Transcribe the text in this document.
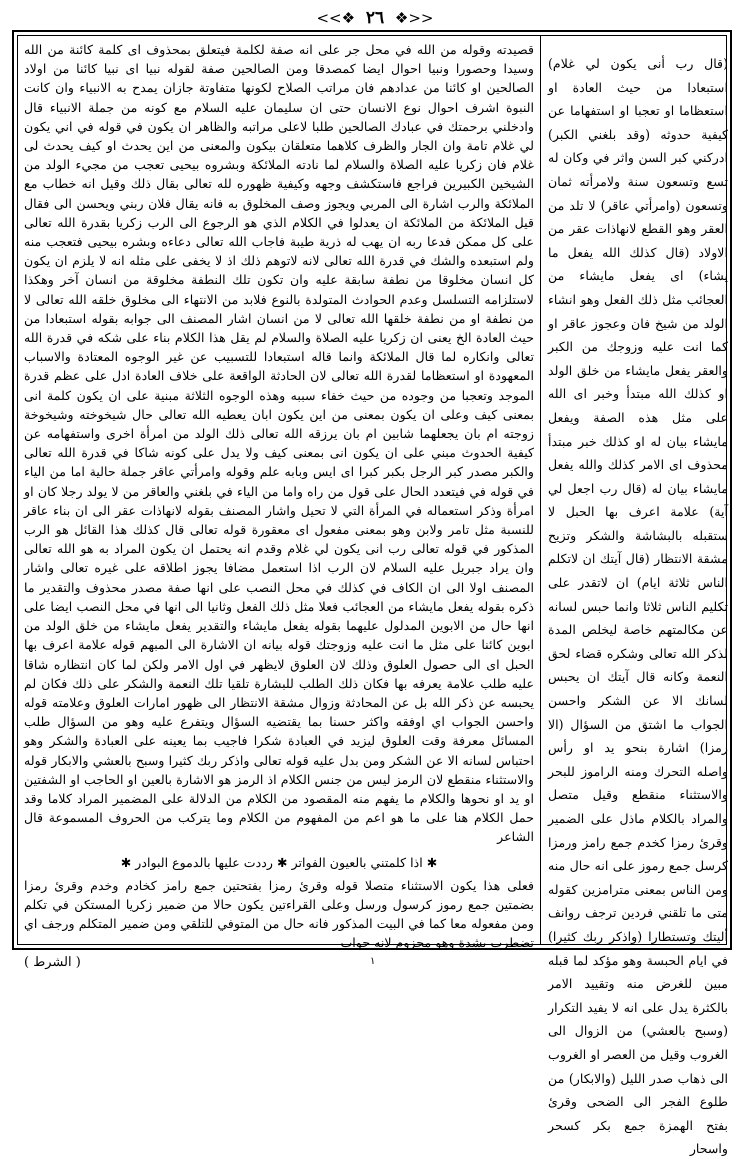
<<❖ ٢٦ ❖>>
قصيدته وقوله من الله في محل جر على انه صفة لكلمة فيتعلق بمحذوف اى كلمة كائنة من الله وسيدا وحصورا ونبيا احوال ايضا كمصدقا ومن الصالحين صفة لقوله نبيا اى نبيا كائنا من اولاد الصالحين او كائنا من عدادهم فان مراتب الصلاح لكونها متفاوتة جازان يمدح به الانبياء وان كانت النبوة اشرف احوال نوع الانسان حتى ان سليمان عليه السلام مع كونه من جملة الانبياء قال وادخلني برحمتك في عبادك الصالحين طلبا لاعلى مراتبه والظاهر ان يكون في قوله في اني يكون لي غلام تامة وان الجار والظرف كلاهما متعلقان بيكون والمعنى من اين يحدث او كيف يحدث لى غلام فان زكريا عليه الصلاة والسلام لما نادته الملائكة وبشروه بيحيى تعجب من مجيء الولد من الشيخين الكبيرين فراجع فاستكشف وجهه وكيفية ظهوره لله تعالى بقال ذلك وقيل انه خطاب مع الملائكة والرب اشارة الى المربي ويجوز وصف المخلوق به فانه يقال فلان ربني ويحسن الى فقال قيل الملائكة من الملائكة ان يعدلوا في الكلام الذي هو الرجوع الى الرب زكريا بقدرة الله تعالى على كل ممكن فدعا ربه ان يهب له ذرية طيبة فاجاب الله تعالى دعاءه وبشره بيحيى فتعجب منه ولم استبعده والشك في قدرة الله تعالى لانه لاتوهم ذلك اذ لا يخفى على مثله انه لا يلزم ان يكون كل انسان مخلوقا من نطفة سابقة عليه وان تكون تلك النطفة مخلوقة من انسان آخر وهكذا لاستلزامه التسلسل وعدم الحوادث المتولدة بالنوع فلابد من الانتهاء الى مخلوق خلقه الله تعالى لا من نطفة او من نطفة خلقها الله تعالى لا من انسان اشار المصنف الى جوابه بقوله استبعادا من حيث العادة الخ يعنى ان زكريا عليه الصلاة والسلام لم يقل هذا الكلام بناء على شكه في قدرة الله تعالى وانكاره لما قال الملائكة وانما قاله استبعادا للتسبيب عن غير الوجوه المعتادة والاسباب المعهودة او استعظاما لقدرة الله تعالى لان الحادثة الواقعة على خلاف العادة ادل على عظم قدرة الموجد وتعجبا من وجوده من حيث خفاء سببه وهذه الوجوه الثلاثة مبنية على ان يكون كلمة انى بمعنى كيف وعلى ان يكون بمعنى من اين يكون ابان يعطيه الله تعالى حال شيخوخته وشيخوخة زوجته ام بان يجعلهما شابين ام بان يرزقه الله تعالى ذلك الولد من امرأة اخرى واستفهامه عن كيفية الحدوث مبني على ان يكون انى بمعنى كيف ولا يدل على كونه شاكا في قدرة الله تعالى والكبر مصدر كبر الرجل بكبر كبرا اى ايس وبابه علم وقوله وامرأتي عاقر جملة حالية اما من الياء في قوله في فيتعدد الحال على قول من راه واما من الياء في بلغني والعاقر من لا يولد رجلا كان او امرأة وذكر استعماله في المرأة التي لا تحيل واشار المصنف بقوله لانهاذات عقر الى ان بناء عاقر للنسبة مثل تامر ولابن وهو بمعنى مفعول اى معقورة قوله تعالى قال كذلك هذا القائل هو الرب المذكور في قوله تعالى رب انى يكون لي غلام وقدم انه يحتمل ان يكون المراد به هو الله تعالى وان يراد جبريل عليه السلام لان الرب اذا استعمل مضافا يجوز اطلاقه على غيره تعالى واشار المصنف اولا الى ان الكاف في كذلك في محل النصب على انها صفة مصدر محذوف والتقدير ما ذكره بقوله يفعل مايشاء من العجائب فعلا مثل ذلك الفعل وثانيا الى انها في محل النصب ايضا على انها حال من الابوين المدلول عليهما بقوله يفعل مايشاء والتقدير يفعل مايشاء من خلق الولد من ابوين كائنا على مثل ما انت عليه وزوجتك قوله بيانه ان الاشارة الى المبهم قوله علامة اعرف بها الحبل اى الى حصول العلوق وذلك لان العلوق لايظهر في اول الامر ولكن لما كان انتظاره شاقا عليه طلب علامة يعرفه بها فكان ذلك الطلب للبشارة تلقيا تلك النعمة والشكر على ذلك فكان لم يحبسه عن ذكر الله بل عن المحادثة وزوال مشقة الانتظار الى ظهور امارات العلوق وعلامته قوله واحسن الجواب اي اوفقه واكثر حسنا بما يقتضيه السؤال ويتفرع عليه وهو من السؤال طلب المسائل معرفة وقت العلوق ليزيد في العبادة شكرا فاجيب بما يعينه على العبادة والشكر وهو احتباس لسانه الا عن الشكر ومن بدل عليه قوله تعالى واذكر ربك كثيرا وسبح بالعشي والابكار قوله والاستثناء منقطع لان الرمز ليس من جنس الكلام اذ الرمز هو الاشارة بالعين او الحاجب او الشفتين او يد او نحوها والكلام ما يفهم منه المقصود من الكلام من الدلالة على المضمير المراد كلاما وقد حمل الكلام هنا على ما هو اعم من المفهوم من الكلام وما يتركب من الحروف المسموعة قال الشاعر
✱ اذا كلمتني بالعيون الفواتر ✱ رددت عليها بالدموع البوادر ✱
فعلى هذا يكون الاستثناء متصلا قوله وقرئ رمزا بفتحتين جمع رامز كخادم وخدم وقرئ رمزا بضمتين جمع رموز كرسول ورسل وعلى القراءتين يكون حالا من ضمير زكريا المستكن في تكلم ومن مفعوله معا كما في البيت المذكور فانه حال من المتوفي للتلقي ومن ضمير المتكلم ورجف اي تضطرب بشدة وهو مجزوم لانه جواب
(قال رب أنى يكون لي غلام) استبعادا من حيث العادة او استعظاما او تعجبا او استفهاما عن كيفية حدوثه (وقد بلغني الكبر) ادركني كبر السن واثر في وكان له تسع وتسعون سنة ولامرأته ثمان وتسعون (وامرأتي عاقر) لا تلد من العقر وهو القطع لانهاذات عقر من الاولاد (قال كذلك الله يفعل ما يشاء) اى يفعل مايشاء من العجائب مثل ذلك الفعل وهو انشاء الولد من شيخ فان وعجوز عاقر او كما انت عليه وزوجك من الكبر والعقر يفعل مايشاء من خلق الولد او كذلك الله مبتدأ وخبر اى الله على مثل هذه الصفة ويفعل مايشاء بيان له او كذلك خبر مبتدأ محذوف اى الامر كذلك والله يفعل مايشاء بيان له (قال رب اجعل لي آية) علامة اعرف بها الحبل لا ستقبله بالبشاشة والشكر وتزيح مشقة الانتظار (قال آيتك ان لاتكلم الناس ثلاثة ايام) ان لاتقدر على تكليم الناس ثلاثا وانما حبس لسانه عن مكالمتهم خاصة ليخلص المدة لذكر الله تعالى وشكره قضاء لحق النعمة وكانه قال آيتك ان يحبس لسانك الا عن الشكر واحسن الجواب ما اشتق من السؤال (الا رمزا) اشارة بنحو يد او رأس واصله التحرك ومنه الراموز للبحر والاستثناء منقطع وقيل متصل والمراد بالكلام ماذل على الضمير وقرئ رمزا كخدم جمع رامز ورمزا كرسل جمع رموز على انه حال منه ومن الناس بمعنى مترامزين كقوله متى ما تلقني فردين ترجف روانف أليتك وتستطارا (واذكر ربك كثيرا) في ايام الحبسة وهو مؤكد لما قبله مبين للغرض منه وتقييد الامر بالكثرة يدل على انه لا يفيد التكرار (وسبح بالعشي) من الزوال الى الغروب وقيل من العصر او الغروب الى ذهاب صدر الليل (والابكار) من طلوع الفجر الى الضحى وقرئ بفتح الهمزة جمع بكر كسحر واسحار
١
( الشرط )
